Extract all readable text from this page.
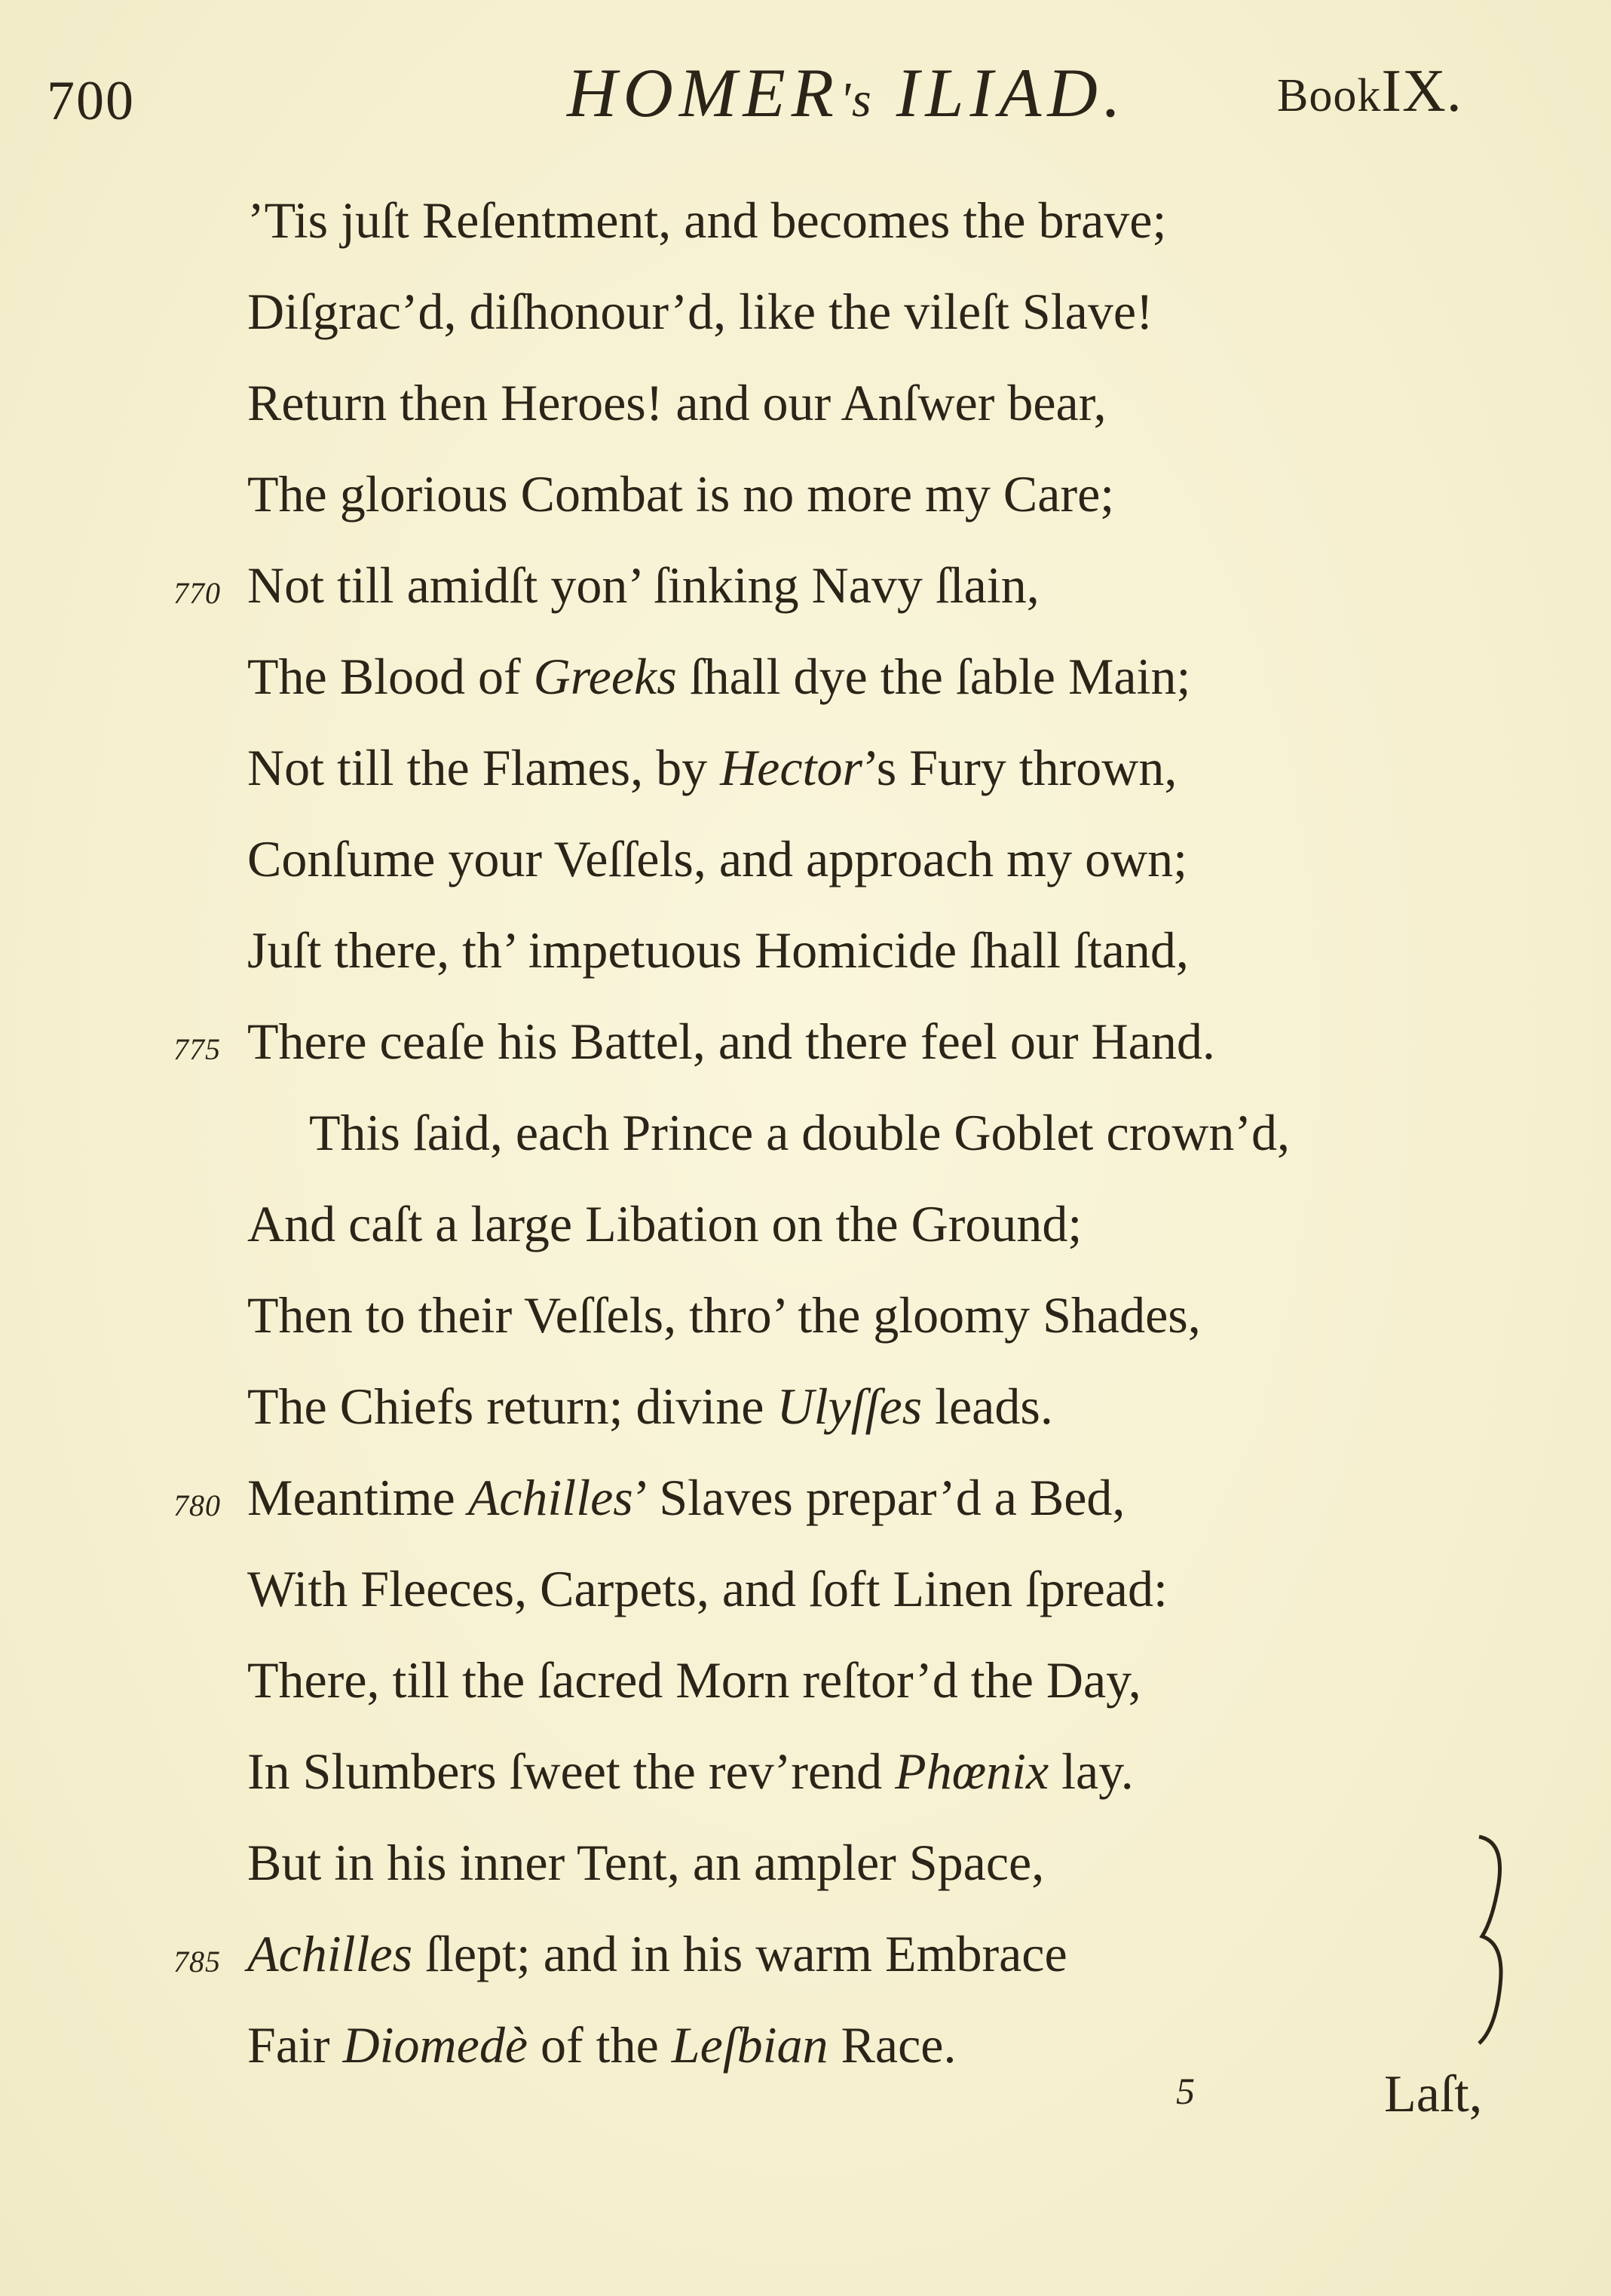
700	HOMER's ILIAD.	BookIX.
’Tis juſt Reſentment, and becomes the brave;
Diſgrac’d, diſhonour’d, like the vileſt Slave!
Return then Heroes! and our Anſwer bear,
The glorious Combat is no more my Care;
770 Not till amidſt yon’ ſinking Navy ſlain,
The Blood of Greeks ſhall dye the ſable Main;
Not till the Flames, by Hector’s Fury thrown,
Conſume your Veſſels, and approach my own;
Juſt there, th’ impetuous Homicide ſhall ſtand,
775 There ceaſe his Battel, and there feel our Hand.
This ſaid, each Prince a double Goblet crown’d,
And caſt a large Libation on the Ground;
Then to their Veſſels, thro’ the gloomy Shades,
The Chiefs return; divine Ulyſſes leads.
780 Meantime Achilles’ Slaves prepar’d a Bed,
With Fleeces, Carpets, and ſoft Linen ſpread:
There, till the ſacred Morn reſtor’d the Day,
In Slumbers ſweet the rev’rend Phœnix lay.
But in his inner Tent, an ampler Space,
785 Achilles ſlept; and in his warm Embrace
Fair Diomedè of the Leſbian Race.
5	Laſt,
